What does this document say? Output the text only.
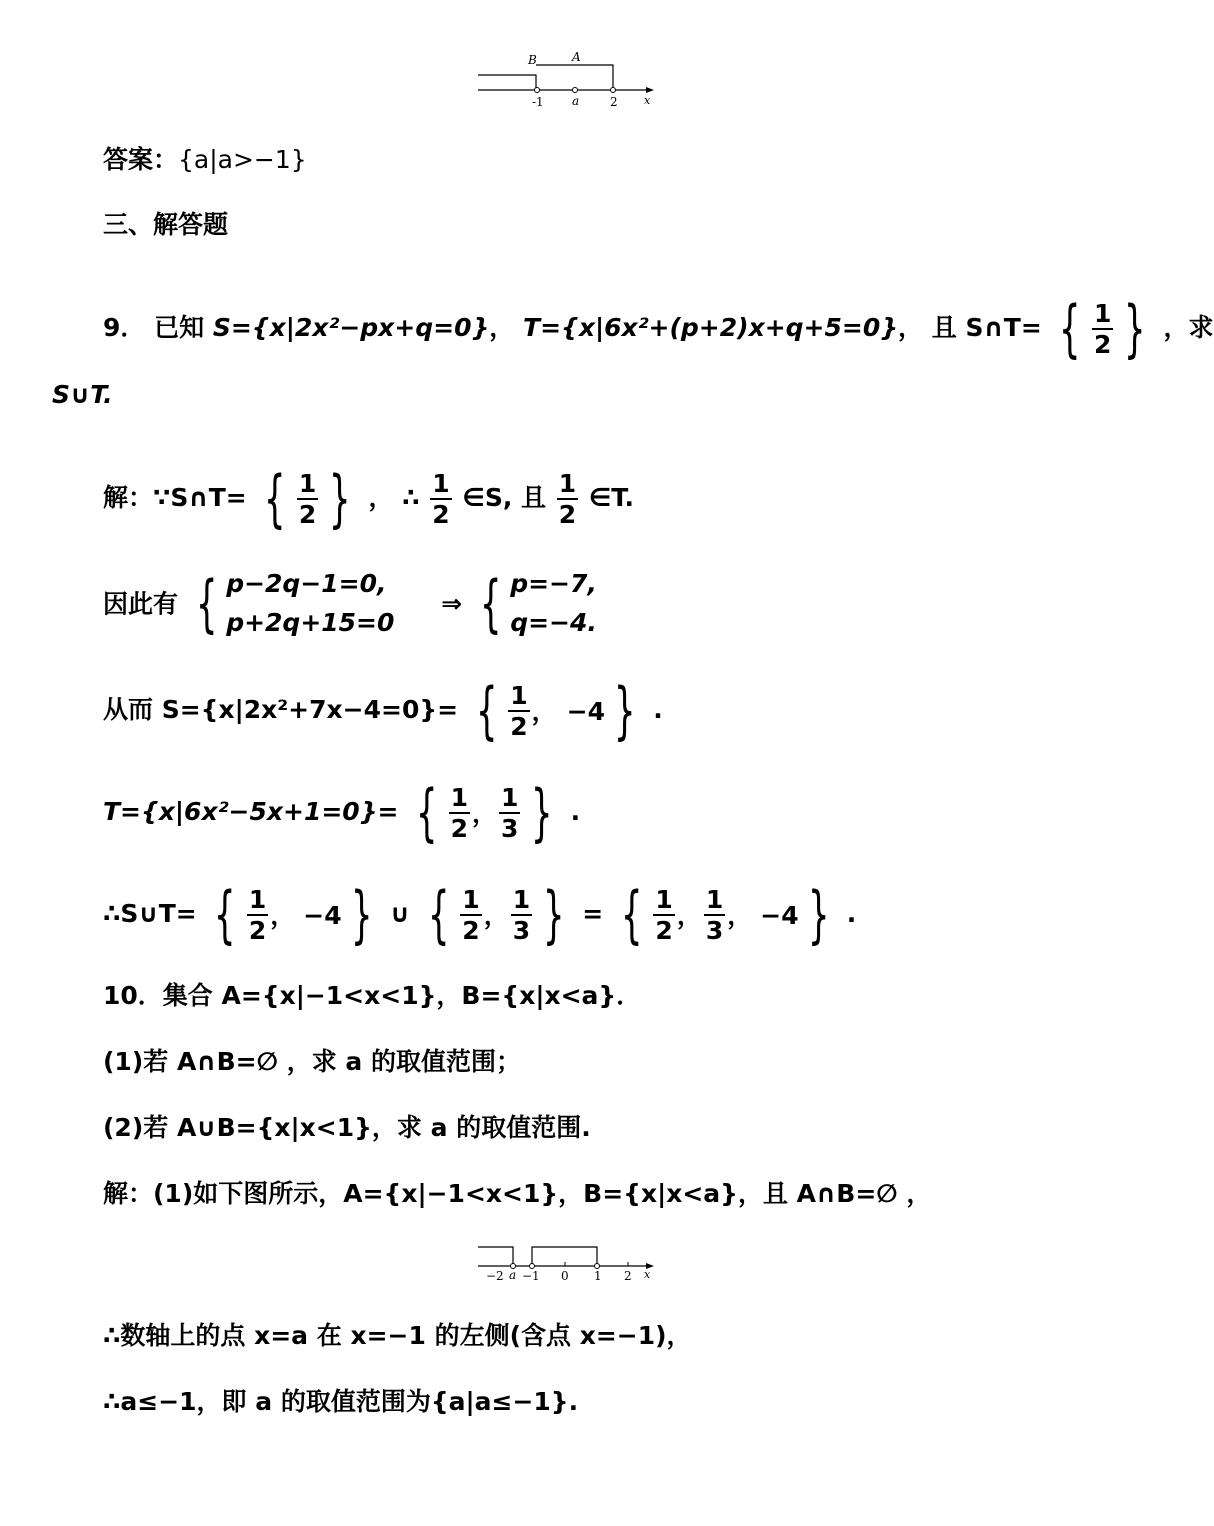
B	A
-1 a	2 x
答案：{a|a>−1}
三、解答题
9． 已知 S={x|2x²−px+q=0}， T={x|6x²+(p+2)x+q+5=0}， 且 S∩T= { $\frac{1}{2}$ } ，求
S∪T.
解：∵S∩T= { $\frac{1}{2}$ } ， ∴ $\frac{1}{2}$ ∈S, 且 $\frac{1}{2}$ ∈T.
因此有 { p−2q−1=0,
p+2q+15=0
⇒ { p=−7,
q=−4.
从而 S={x|2x²+7x−4=0}= { $\frac{1}{2}$ ， −4 } .
T={x|6x²−5x+1=0}= { $\frac{1}{2}$ ， $\frac{1}{3}$ } .
∴S∪T= { $\frac{1}{2}$ ， −4 } ∪ { $\frac{1}{2}$ ， $\frac{1}{3}$ } = { $\frac{1}{2}$ ， $\frac{1}{3}$ ， −4 } .
10．集合 A={x|−1<x<1}，B={x|x<a}．
(1)若 A∩B=∅ ，求 a 的取值范围；
(2)若 A∪B={x|x<1}，求 a 的取值范围.
解：(1)如下图所示，A={x|−1<x<1}，B={x|x<a}，且 A∩B=∅ ，
−2 a −1 0 1 2 x
∴数轴上的点 x=a 在 x=−1 的左侧(含点 x=−1)，
∴a≤−1，即 a 的取值范围为{a|a≤−1}.
